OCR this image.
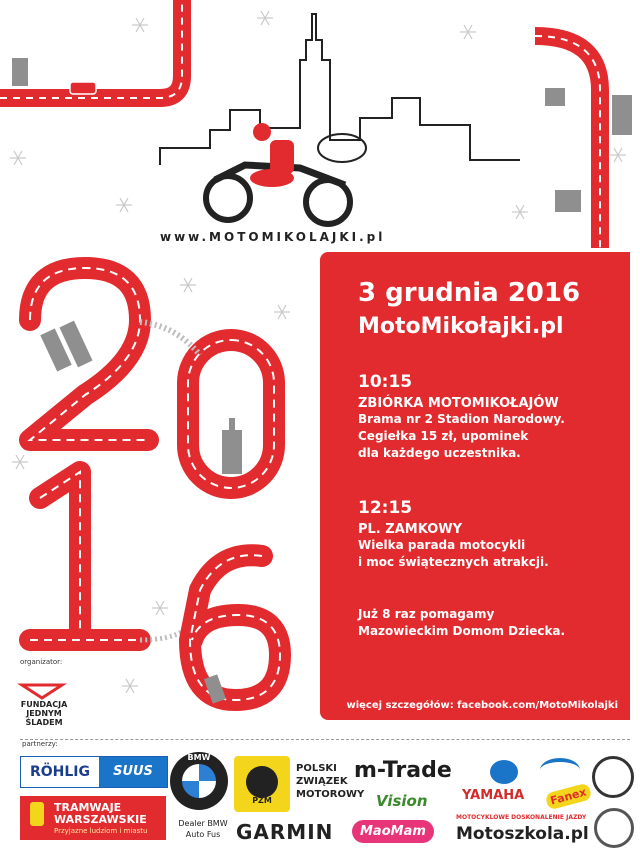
www.MOTOMIKOLAJKI.pl
3 grudnia 2016
MotoMikołajki.pl
10:15
ZBIÓRKA MOTOMIKOŁAJÓW
Brama nr 2 Stadion Narodowy.
Cegiełka 15 zł, upominek
dla każdego uczestnika.
12:15
PL. ZAMKOWY
Wielka parada motocykli
i moc świątecznych atrakcji.
Już 8 raz pomagamy
Mazowieckim Domom Dziecka.
więcej szczegółów: facebook.com/MotoMikolajki
organizator:
FUNDACJA
JEDNYM ŚLADEM
partnerzy:
RÖHLIG	SUUS
BMW
Dealer BMW
Auto Fus
PZM
POLSKI
ZWIĄZEK
MOTOROWY
m-Trade
Vision	YAMAHA	Fanex
TRAMWAJE
WARSZAWSKIE
Przyjazne ludziom i miastu	GARMIN	MaoMam
MOTOCYKLOWE DOSKONALENIE JAZDY
Motoszkola.pl
